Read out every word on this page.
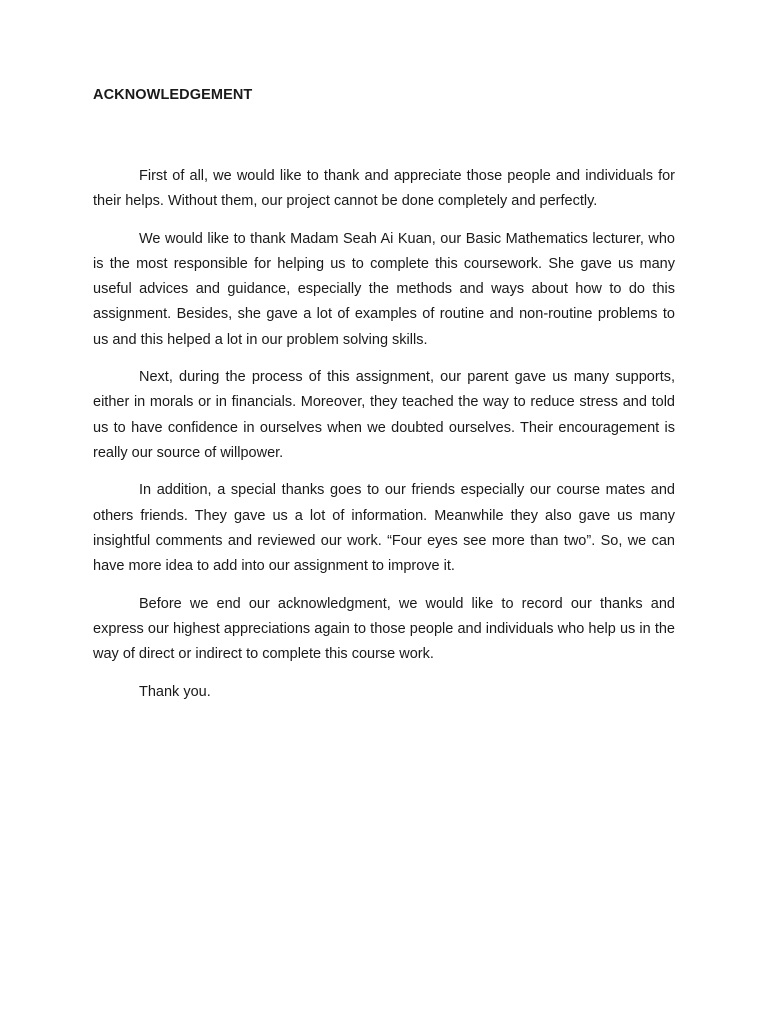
ACKNOWLEDGEMENT

First of all, we would like to thank and appreciate those people and individuals for their helps. Without them, our project cannot be done completely and perfectly.

We would like to thank Madam Seah Ai Kuan, our Basic Mathematics lecturer, who is the most responsible for helping us to complete this coursework. She gave us many useful advices and guidance, especially the methods and ways about how to do this assignment. Besides, she gave a lot of examples of routine and non-routine problems to us and this helped a lot in our problem solving skills.

Next, during the process of this assignment, our parent gave us many supports, either in morals or in financials. Moreover, they teached the way to reduce stress and told us to have confidence in ourselves when we doubted ourselves. Their encouragement is really our source of willpower.

In addition, a special thanks goes to our friends especially our course mates and others friends. They gave us a lot of information. Meanwhile they also gave us many insightful comments and reviewed our work. “Four eyes see more than two”. So, we can have more idea to add into our assignment to improve it.

Before we end our acknowledgment, we would like to record our thanks and express our highest appreciations again to those people and individuals who help us in the way of direct or indirect to complete this course work.

Thank you.
